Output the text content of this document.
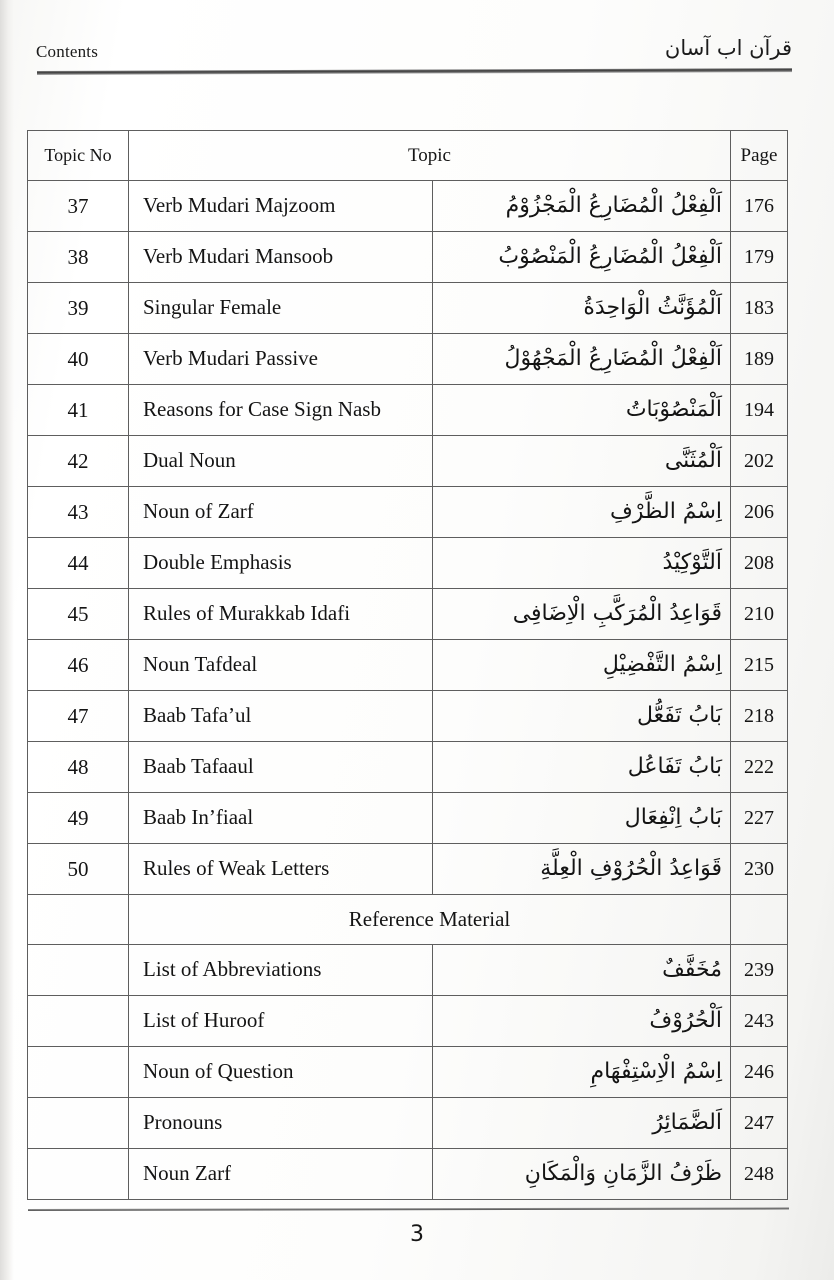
Contents	قرآن اب آسان
Topic No	Topic		Page
37	Verb Mudari Majzoom	اَلْفِعْلُ الْمُضَارِعُ الْمَجْزُوْمُ	176
38	Verb Mudari Mansoob	اَلْفِعْلُ الْمُضَارِعُ الْمَنْصُوْبُ	179
39	Singular Female	اَلْمُؤَنَّثُ الْوَاحِدَةُ	183
40	Verb Mudari Passive	اَلْفِعْلُ الْمُضَارِعُ الْمَجْهُوْلُ	189
41	Reasons for Case Sign Nasb	اَلْمَنْصُوْبَاتُ	194
42	Dual Noun	اَلْمُثَنَّى	202
43	Noun of Zarf	اِسْمُ الظَّرْفِ	206
44	Double Emphasis	اَلتَّوْكِيْدُ	208
45	Rules of Murakkab Idafi	قَوَاعِدُ الْمُرَكَّبِ الْاِضَافِى	210
46	Noun Tafdeal	اِسْمُ التَّفْضِيْلِ	215
47	Baab Tafa’ul	بَابُ تَفَعُّل	218
48	Baab Tafaaul	بَابُ تَفَاعُل	222
49	Baab In’fiaal	بَابُ اِنْفِعَال	227
50	Rules of Weak Letters	قَوَاعِدُ الْحُرُوْفِ الْعِلَّةِ	230
	Reference Material		
	List of Abbreviations	مُخَفَّفٌ	239
	List of Huroof	اَلْحُرُوْفُ	243
	Noun of Question	اِسْمُ الْاِسْتِفْهَامِ	246
	Pronouns	اَلضَّمَائِرُ	247
	Noun Zarf	ظَرْفُ الزَّمَانِ وَالْمَكَانِ	248
3
